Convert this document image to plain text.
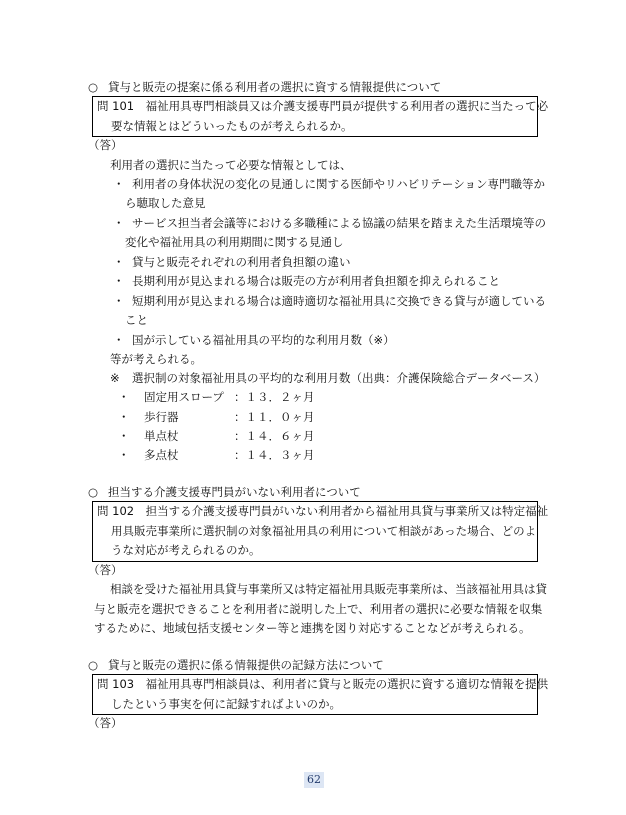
○ 貸与と販売の提案に係る利用者の選択に資する情報提供について
問 101　 福祉用具専門相談員又は介護支援専門員が提供する利用者の選択に当たって必
要な情報とはどういったものが考えられるか。
（答）
利用者の選択に当たって必要な情報としては、
・ 利用者の身体状況の変化の見通しに関する医師やリハビリテーション専門職等か
ら聴取した意見
・ サービス担当者会議等における多職種による協議の結果を踏まえた生活環境等の
変化や福祉用具の利用期間に関する見通し
・ 貸与と販売それぞれの利用者負担額の違い
・ 長期利用が見込まれる場合は販売の方が利用者負担額を抑えられること
・ 短期利用が見込まれる場合は適時適切な福祉用具に交換できる貸与が適している
こと
・ 国が示している福祉用具の平均的な利用月数（※）
等が考えられる。
※ 選択制の対象福祉用具の平均的な利用月数（出典：介護保険総合データベース）
・ 固定用スロープ ：１３．２ヶ月
・ 歩行器	：１１．０ヶ月
・ 単点杖	：１４．６ヶ月
・ 多点杖	：１４．３ヶ月
○ 担当する介護支援専門員がいない利用者について
問 102　 担当する介護支援専門員がいない利用者から福祉用具貸与事業所又は特定福祉
用具販売事業所に選択制の対象福祉用具の利用について相談があった場合、どのよ
うな対応が考えられるのか。
（答）
相談を受けた福祉用具貸与事業所又は特定福祉用具販売事業所は、当該福祉用具は貸
与と販売を選択できることを利用者に説明した上で、利用者の選択に必要な情報を収集
するために、地域包括支援センター等と連携を図り対応することなどが考えられる。
○ 貸与と販売の選択に係る情報提供の記録方法について
問 103　 福祉用具専門相談員は、利用者に貸与と販売の選択に資する適切な情報を提供
したという事実を何に記録すればよいのか。
（答）
62
